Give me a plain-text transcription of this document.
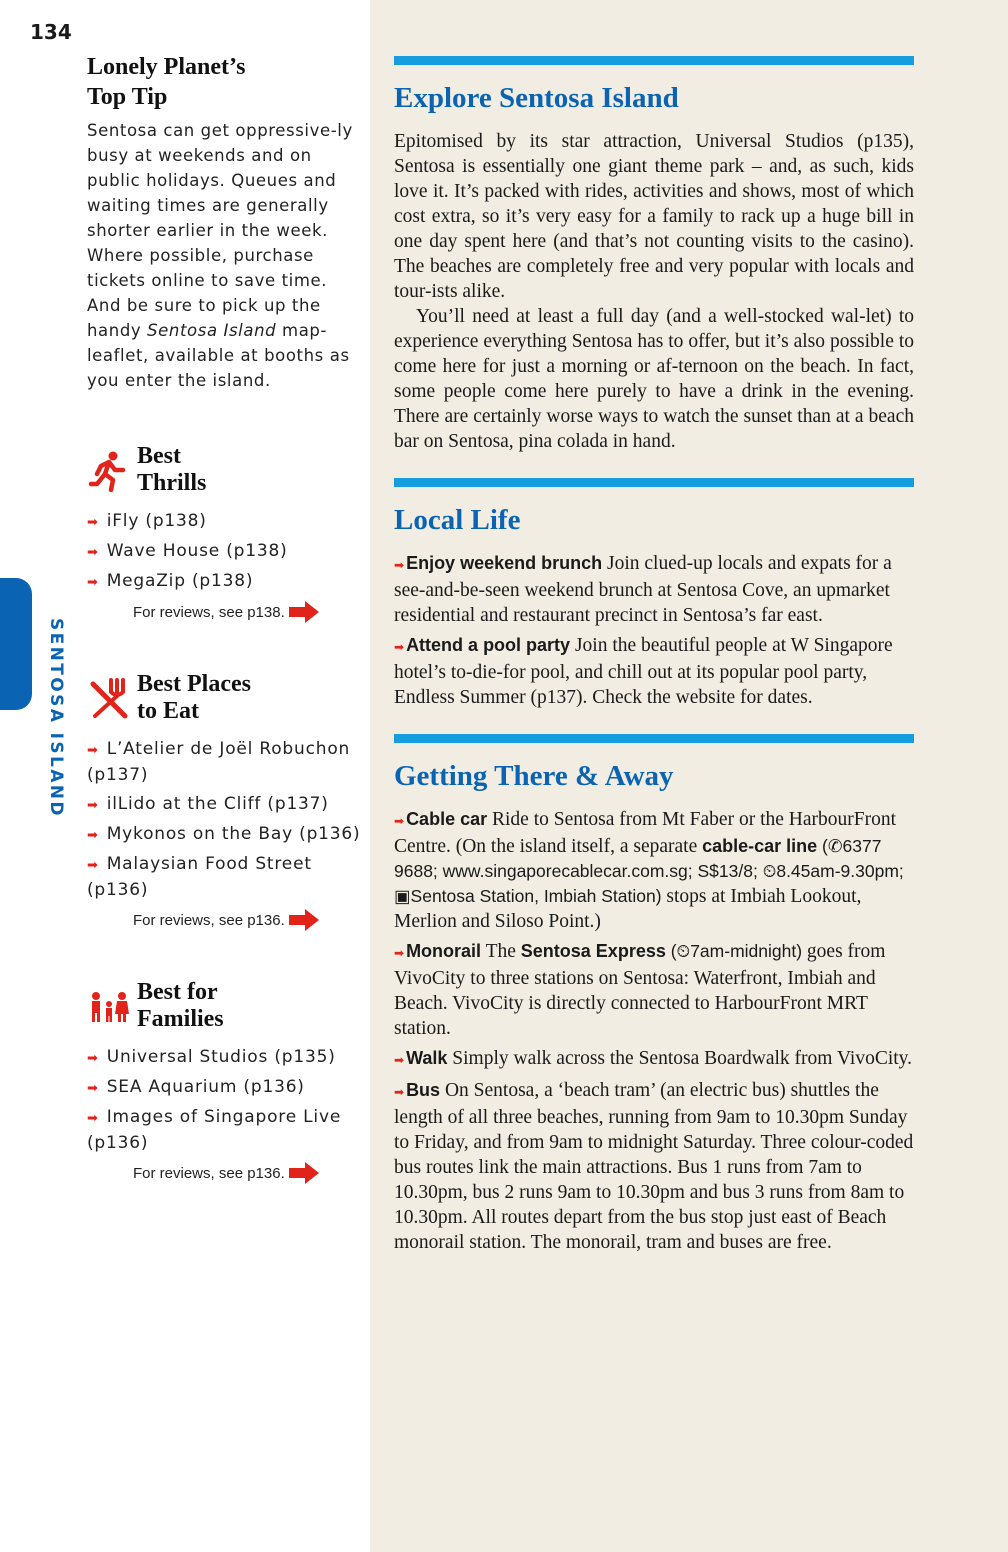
134
SENTOSA ISLAND
Lonely Planet’s
Top Tip

Sentosa can get oppressive-ly busy at weekends and on public holidays. Queues and waiting times are generally shorter earlier in the week. Where possible, purchase tickets online to save time. And be sure to pick up the handy Sentosa Island map-leaflet, available at booths as you enter the island.

Best
Thrills
➡ iFly (p138)
➡ Wave House (p138)
➡ MegaZip (p138)
For reviews, see p138.
Best Places
to Eat
➡ L’Atelier de Joël Robuchon (p137)
➡ ilLido at the Cliff (p137)
➡ Mykonos on the Bay (p136)
➡ Malaysian Food Street (p136)
For reviews, see p136.
Best for
Families
➡ Universal Studios (p135)
➡ SEA Aquarium (p136)
➡ Images of Singapore Live (p136)
For reviews, see p136.
Explore Sentosa Island

Epitomised by its star attraction, Universal Studios (p135), Sentosa is essentially one giant theme park – and, as such, kids love it. It’s packed with rides, activities and shows, most of which cost extra, so it’s very easy for a family to rack up a huge bill in one day spent here (and that’s not counting visits to the casino). The beaches are completely free and very popular with locals and tour-ists alike.

You’ll need at least a full day (and a well-stocked wal-let) to experience everything Sentosa has to offer, but it’s also possible to come here for just a morning or af-ternoon on the beach. In fact, some people come here purely to have a drink in the evening. There are certainly worse ways to watch the sunset than at a beach bar on Sentosa, pina colada in hand.

Local Life

➡ Enjoy weekend brunch Join clued-up locals and expats for a see-and-be-seen weekend brunch at Sentosa Cove, an upmarket residential and restaurant precinct in Sentosa’s far east.

➡ Attend a pool party Join the beautiful people at W Singapore hotel’s to-die-for pool, and chill out at its popular pool party, Endless Summer (p137). Check the website for dates.

Getting There & Away

➡ Cable car Ride to Sentosa from Mt Faber or the HarbourFront Centre. (On the island itself, a separate cable-car line (✆6377 9688; www.singaporecablecar.com.sg; S$13/8; ⏲8.45am-9.30pm; ▣Sentosa Station, Imbiah Station) stops at Imbiah Lookout, Merlion and Siloso Point.)

➡ Monorail The Sentosa Express (⏲7am-midnight) goes from VivoCity to three stations on Sentosa: Waterfront, Imbiah and Beach. VivoCity is directly connected to HarbourFront MRT station.

➡ Walk Simply walk across the Sentosa Boardwalk from VivoCity.

➡ Bus On Sentosa, a ‘beach tram’ (an electric bus) shuttles the length of all three beaches, running from 9am to 10.30pm Sunday to Friday, and from 9am to midnight Saturday. Three colour-coded bus routes link the main attractions. Bus 1 runs from 7am to 10.30pm, bus 2 runs 9am to 10.30pm and bus 3 runs from 8am to 10.30pm. All routes depart from the bus stop just east of Beach monorail station. The monorail, tram and buses are free.
